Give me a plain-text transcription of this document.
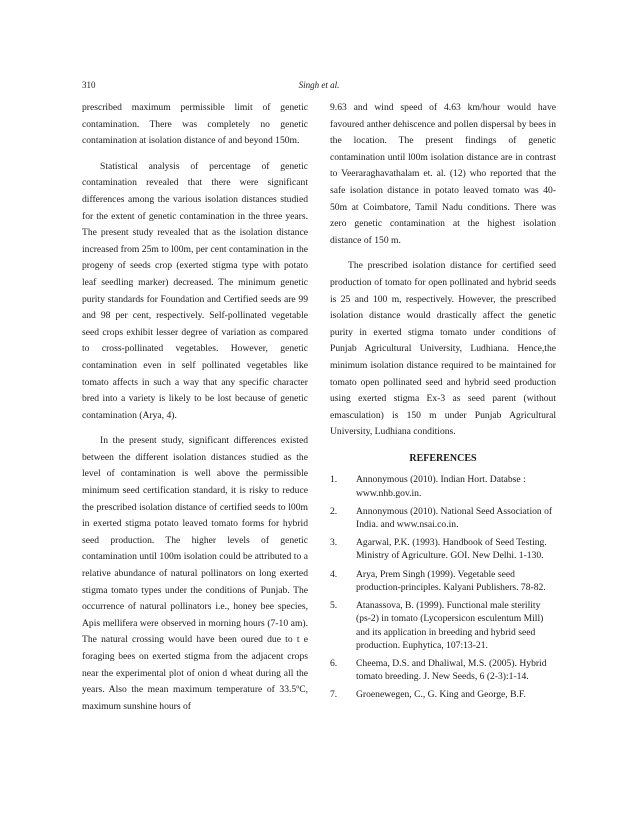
310	Singh et al.

prescribed maximum permissible limit of genetic contamination. There was completely no genetic contamination at isolation distance of and beyond 150m.

Statistical analysis of percentage of genetic contamination revealed that there were significant differences among the various isolation distances studied for the extent of genetic contamination in the three years. The present study revealed that as the isolation distance increased from 25m to l00m, per cent contamination in the progeny of seeds crop (exerted stigma type with potato leaf seedling marker) decreased. The minimum genetic purity standards for Foundation and Certified seeds are 99 and 98 per cent, respectively. Self-pollinated vegetable seed crops exhibit lesser degree of variation as compared to cross-pollinated vegetables. However, genetic contamination even in self pollinated vegetables like tomato affects in such a way that any specific character bred into a variety is likely to be lost because of genetic contamination (Arya, 4).

In the present study, significant differences existed between the different isolation distances studied as the level of contamination is well above the permissible minimum seed certification standard, it is risky to reduce the prescribed isolation distance of certified seeds to l00m in exerted stigma potato leaved tomato forms for hybrid seed production. The higher levels of genetic contamination until 100m isolation could be attributed to a relative abundance of natural pollinators on long exerted stigma tomato types under the conditions of Punjab. The occurrence of natural pollinators i.e., honey bee species, Apis mellifera were observed in morning hours (7-10 am). The natural crossing would have been oured due to t e foraging bees on exerted stigma from the adjacent crops near the experimental plot of onion d wheat during all the years. Also the mean maximum temperature of 33.5ºC, maximum sunshine hours of

9.63 and wind speed of 4.63 km/hour would have favoured anther dehiscence and pollen dispersal by bees in the location. The present findings of genetic contamination until l00m isolation distance are in contrast to Veeraraghavathalam et. al. (12) who reported that the safe isolation distance in potato leaved tomato was 40-50m at Coimbatore, Tamil Nadu conditions. There was zero genetic contamination at the highest isolation distance of 150 m.

The prescribed isolation distance for certified seed production of tomato for open pollinated and hybrid seeds is 25 and 100 m, respectively. However, the prescribed isolation distance would drastically affect the genetic purity in exerted stigma tomato under conditions of Punjab Agricultural University, Ludhiana. Hence,the minimum isolation distance required to be maintained for tomato open pollinated seed and hybrid seed production using exerted stigma Ex-3 as seed parent (without emasculation) is 150 m under Punjab Agricultural University, Ludhiana conditions.

REFERENCES
1.	Annonymous (2010). Indian Hort. Databse : www.nhb.gov.in.
2.	Annonymous (2010). National Seed Association of India. and www.nsai.co.in.
3.	Agarwal, P.K. (1993). Handbook of Seed Testing. Ministry of Agriculture. GOI. New Delhi. 1-130.
4.	Arya, Prem Singh (1999). Vegetable seed production-principles. Kalyani Publishers. 78-82.
5.	Atanassova, B. (1999). Functional male sterility (ps-2) in tomato (Lycopersicon esculentum Mill) and its application in breeding and hybrid seed production. Euphytica, 107:13-21.
6.	Cheema, D.S. and Dhaliwal, M.S. (2005). Hybrid tomato breeding. J. New Seeds, 6 (2-3):1-14.
7.	Groenewegen, C., G. King and George, B.F.
